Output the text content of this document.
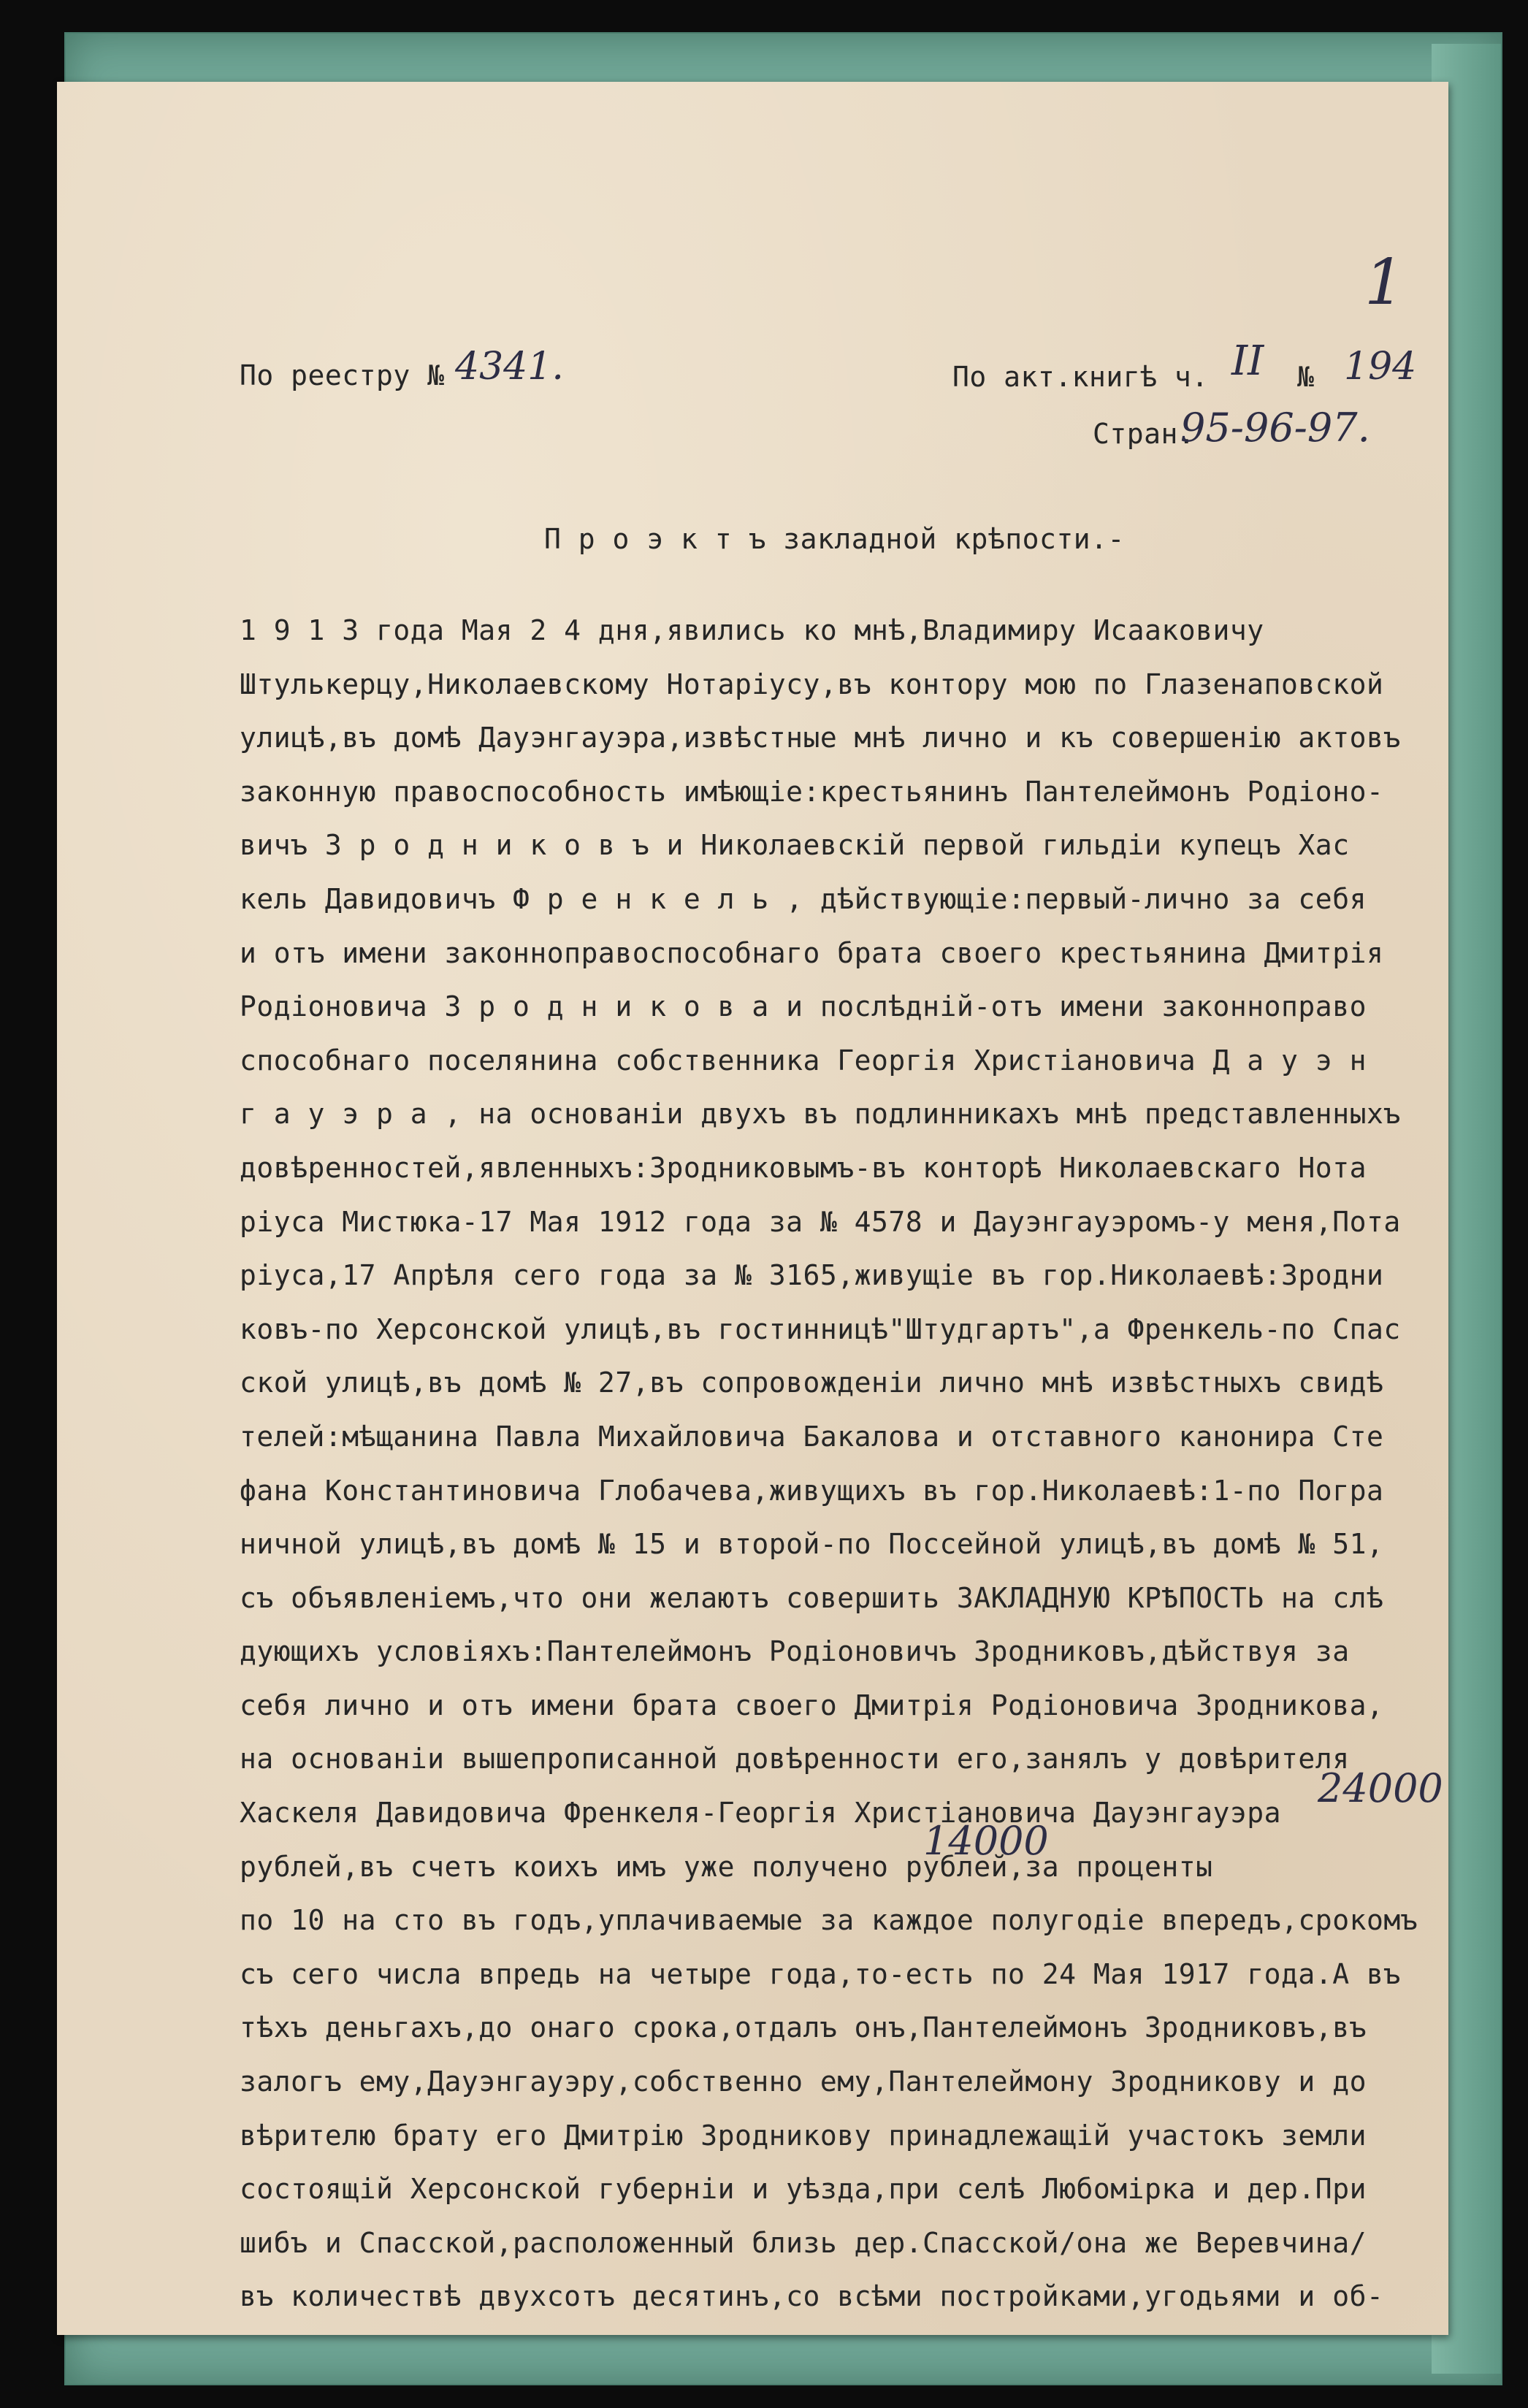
1
По реестру № 4341.	По акт.книгѣ ч. II № 194
Стран.
95-96-97.
П р о э к т ъ закладной крѣпости.-
1 9 1 3 года Мая 2 4 дня,явились ко мнѣ,Владимиру Исааковичу
Штулькерцу,Николаевскому Нотаріусу,въ контору мою по Глазенаповской
улицѣ,въ домѣ Дауэнгауэра,извѣстные мнѣ лично и къ совершенію актовъ
законную правоспособность имѣющіе:крестьянинъ Пантелеймонъ Родіоно-
вичъ З р о д н и к о в ъ и Николаевскій первой гильдіи купецъ Хас
кель Давидовичъ Ф р е н к е л ь , дѣйствующіе:первый-лично за себя
и отъ имени законноправоспособнаго брата своего крестьянина Дмитрія
Родіоновича З р о д н и к о в а и послѣдній-отъ имени законноправо
способнаго поселянина собственника Георгія Христіановича Д а у э н
г а у э р а , на основаніи двухъ въ подлинникахъ мнѣ представленныхъ
довѣренностей,явленныхъ:Зродниковымъ-въ конторѣ Николаевскаго Нота
ріуса Мистюка-17 Мая 1912 года за № 4578 и Дауэнгауэромъ-у меня,Пота
ріуса,17 Апрѣля сего года за № 3165,живущіе въ гор.Николаевѣ:Зродни
ковъ-по Херсонской улицѣ,въ гостинницѣ"Штудгартъ",а Френкель-по Спас
ской улицѣ,въ домѣ № 27,въ сопровожденіи лично мнѣ извѣстныхъ свидѣ
телей:мѣщанина Павла Михайловича Бакалова и отставного канонира Сте
фана Константиновича Глобачева,живущихъ въ гор.Николаевѣ:1-по Погра
ничной улицѣ,въ домѣ № 15 и второй-по Поссейной улицѣ,въ домѣ № 51,
съ объявленіемъ,что они желаютъ совершить ЗАКЛАДНУЮ КРѢПОСТЬ на слѣ
дующихъ условіяхъ:Пантелеймонъ Родіоновичъ Зродниковъ,дѣйствуя за
себя лично и отъ имени брата своего Дмитрія Родіоновича Зродникова,
на основаніи вышепрописанной довѣренности его,занялъ у довѣрителя
Хаскеля Давидовича Френкеля-Георгія Христіановича Дауэнгауэра
рублей,въ счетъ коихъ имъ уже получено рублей,за проценты
по 10 на сто въ годъ,уплачиваемые за каждое полугодіе впередъ,срокомъ
съ сего числа впредь на четыре года,то-есть по 24 Мая 1917 года.А въ
тѣхъ деньгахъ,до онаго срока,отдалъ онъ,Пантелеймонъ Зродниковъ,въ
залогъ ему,Дауэнгауэру,собственно ему,Пантелеймону Зродникову и до
вѣрителю брату его Дмитрію Зродникову принадлежащій участокъ земли
состоящій Херсонской губерніи и уѣзда,при селѣ Любомірка и дер.При
шибъ и Спасской,расположенный близь дер.Спасской/она же Веревчина/
въ количествѣ двухсотъ десятинъ,со всѣми постройками,угодьями и об-
24000
14000
